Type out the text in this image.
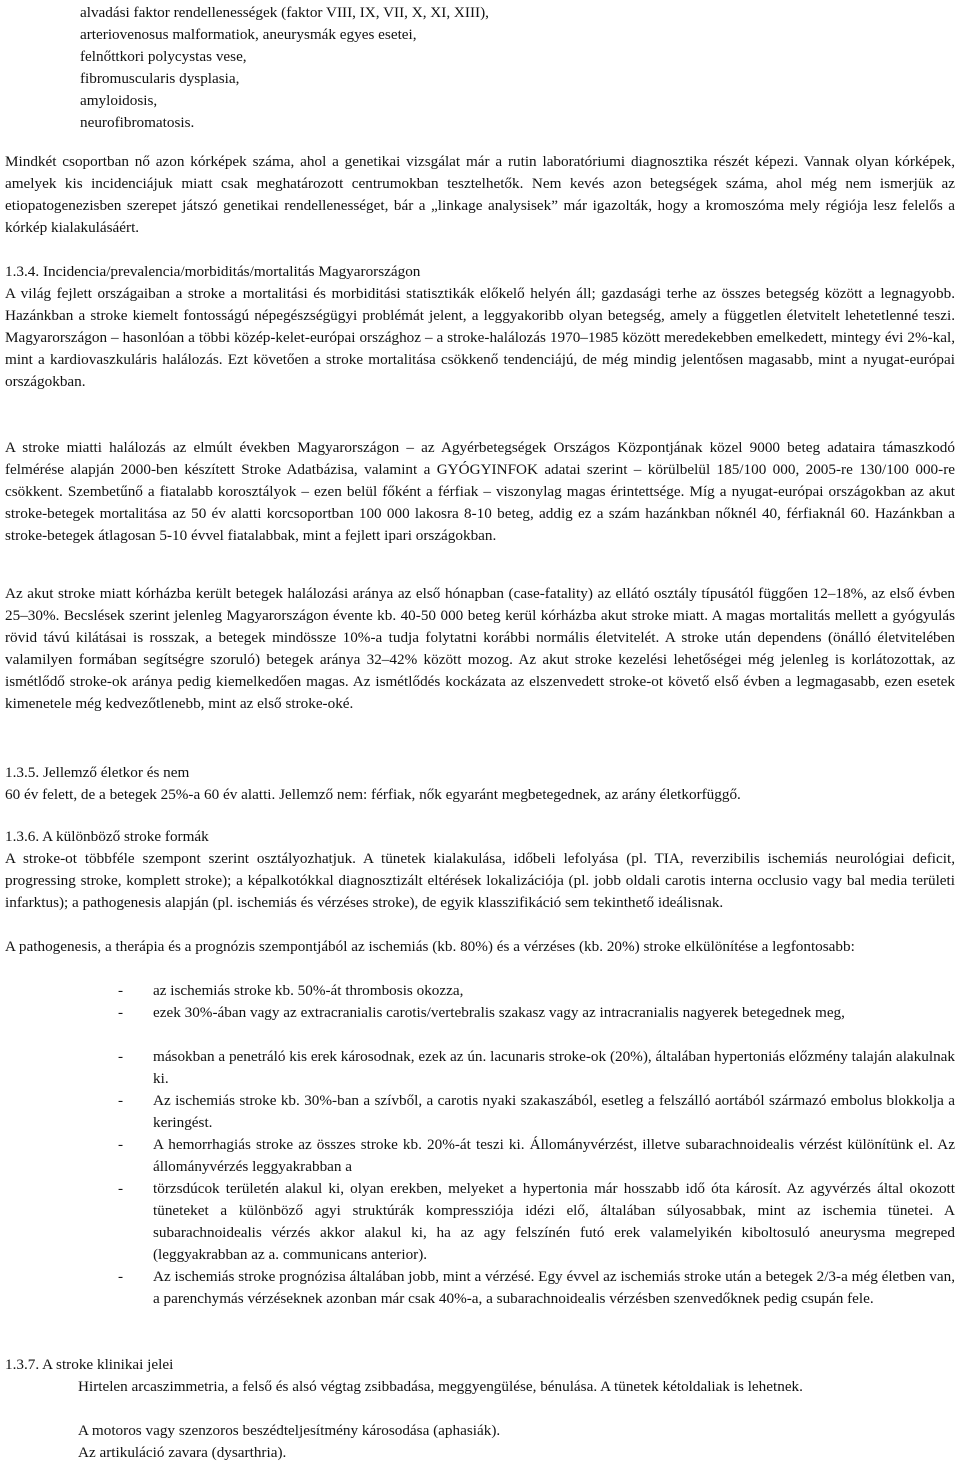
alvadási faktor rendellenességek (faktor VIII, IX, VII, X, XI, XIII),

arteriovenosus malformatiok, aneurysmák egyes esetei,

felnőttkori polycystas vese,

fibromuscularis dysplasia,

amyloidosis,

neurofibromatosis.

Mindkét csoportban nő azon kórképek száma, ahol a genetikai vizsgálat már a rutin laboratóriumi diagnosztika részét képezi. Vannak olyan kórképek, amelyek kis incidenciájuk miatt csak meghatározott centrumokban tesztelhetők. Nem kevés azon betegségek száma, ahol még nem ismerjük az etiopatogenezisben szerepet játszó genetikai rendellenességet, bár a „linkage analysisek” már igazolták, hogy a kromoszóma mely régiója lesz felelős a kórkép kialakulásáért.

1.3.4. Incidencia/prevalencia/morbiditás/mortalitás Magyarországon

A világ fejlett országaiban a stroke a mortalitási és morbiditási statisztikák előkelő helyén áll; gazdasági terhe az összes betegség között a legnagyobb. Hazánkban a stroke kiemelt fontosságú népegészségügyi problémát jelent, a leggyakoribb olyan betegség, amely a független életvitelt lehetetlenné teszi. Magyarországon – hasonlóan a többi közép-kelet-európai országhoz – a stroke-halálozás 1970–1985 között meredekebben emelkedett, mintegy évi 2%-kal, mint a kardiovaszkuláris halálozás. Ezt követően a stroke mortalitása csökkenő tendenciájú, de még mindig jelentősen magasabb, mint a nyugat-európai országokban.

A stroke miatti halálozás az elmúlt években Magyarországon – az Agyérbetegségek Országos Központjának közel 9000 beteg adataira támaszkodó felmérése alapján 2000-ben készített Stroke Adatbázisa, valamint a GYÓGYINFOK adatai szerint – körülbelül 185/100 000, 2005-re 130/100 000-re csökkent. Szembetűnő a fiatalabb korosztályok – ezen belül főként a férfiak – viszonylag magas érintettsége. Míg a nyugat-európai országokban az akut stroke-betegek mortalitása az 50 év alatti korcsoportban 100 000 lakosra 8-10 beteg, addig ez a szám hazánkban nőknél 40, férfiaknál 60. Hazánkban a stroke-betegek átlagosan 5-10 évvel fiatalabbak, mint a fejlett ipari országokban.

Az akut stroke miatt kórházba került betegek halálozási aránya az első hónapban (case-fatality) az ellátó osztály típusától függően 12–18%, az első évben 25–30%. Becslések szerint jelenleg Magyarországon évente kb. 40-50 000 beteg kerül kórházba akut stroke miatt. A magas mortalitás mellett a gyógyulás rövid távú kilátásai is rosszak, a betegek mindössze 10%-a tudja folytatni korábbi normális életvitelét. A stroke után dependens (önálló életvitelében valamilyen formában segítségre szoruló) betegek aránya 32–42% között mozog. Az akut stroke kezelési lehetőségei még jelenleg is korlátozottak, az ismétlődő stroke-ok aránya pedig kiemelkedően magas. Az ismétlődés kockázata az elszenvedett stroke-ot követő első évben a legmagasabb, ezen esetek kimenetele még kedvezőtlenebb, mint az első stroke-oké.

1.3.5. Jellemző életkor és nem

60 év felett, de a betegek 25%-a 60 év alatti. Jellemző nem: férfiak, nők egyaránt megbetegednek, az arány életkorfüggő.

1.3.6. A különböző stroke formák

A stroke-ot többféle szempont szerint osztályozhatjuk. A tünetek kialakulása, időbeli lefolyása (pl. TIA, reverzibilis ischemiás neurológiai deficit, progressing stroke, komplett stroke); a képalkotókkal diagnosztizált eltérések lokalizációja (pl. jobb oldali carotis interna occlusio vagy bal media területi infarktus); a pathogenesis alapján (pl. ischemiás és vérzéses stroke), de egyik klasszifikáció sem tekinthető ideálisnak.

A pathogenesis, a therápia és a prognózis szempontjából az ischemiás (kb. 80%) és a vérzéses (kb. 20%) stroke elkülönítése a legfontosabb:

- az ischemiás stroke kb. 50%-át thrombosis okozza,
- ezek 30%-ában vagy az extracranialis carotis/vertebralis szakasz vagy az intracranialis nagyerek betegednek meg,
- másokban a penetráló kis erek károsodnak, ezek az ún. lacunaris stroke-ok (20%), általában hypertoniás előzmény talaján alakulnak ki.
- Az ischemiás stroke kb. 30%-ban a szívből, a carotis nyaki szakaszából, esetleg a felszálló aortából származó embolus blokkolja a keringést.
- A hemorrhagiás stroke az összes stroke kb. 20%-át teszi ki. Állományvérzést, illetve subarachnoidealis vérzést különítünk el. Az állományvérzés leggyakrabban a
- törzsdúcok területén alakul ki, olyan erekben, melyeket a hypertonia már hosszabb idő óta károsít. Az agyvérzés által okozott tüneteket a különböző agyi struktúrák kompressziója idézi elő, általában súlyosabbak, mint az ischemia tünetei. A subarachnoidealis vérzés akkor alakul ki, ha az agy felszínén futó erek valamelyikén kiboltosuló aneurysma megreped (leggyakrabban az a. communicans anterior).
- Az ischemiás stroke prognózisa általában jobb, mint a vérzésé. Egy évvel az ischemiás stroke után a betegek 2/3-a még életben van, a parenchymás vérzéseknek azonban már csak 40%-a, a subarachnoidealis vérzésben szenvedőknek pedig csupán fele.

1.3.7. A stroke klinikai jelei

Hirtelen arcaszimmetria, a felső és alsó végtag zsibbadása, meggyengülése, bénulása. A tünetek kétoldaliak is lehetnek.

A motoros vagy szenzoros beszédteljesítmény károsodása (aphasiák).

Az artikuláció zavara (dysarthria).
